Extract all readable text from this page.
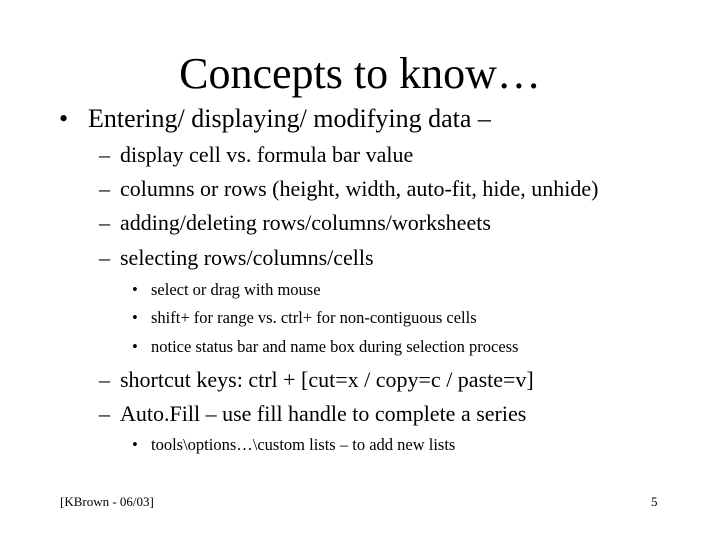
Concepts to know…
• Entering/ displaying/ modifying data –
– display cell vs. formula bar value
– columns or rows (height, width, auto-fit, hide, unhide)
– adding/deleting rows/columns/worksheets
– selecting rows/columns/cells
• select or drag with mouse
• shift+ for range vs. ctrl+ for non-contiguous cells
• notice status bar and name box during selection process
– shortcut keys: ctrl + [cut=x / copy=c / paste=v]
– Auto.Fill – use fill handle to complete a series
• tools\options…\custom lists – to add new lists
[KBrown - 06/03]	5
